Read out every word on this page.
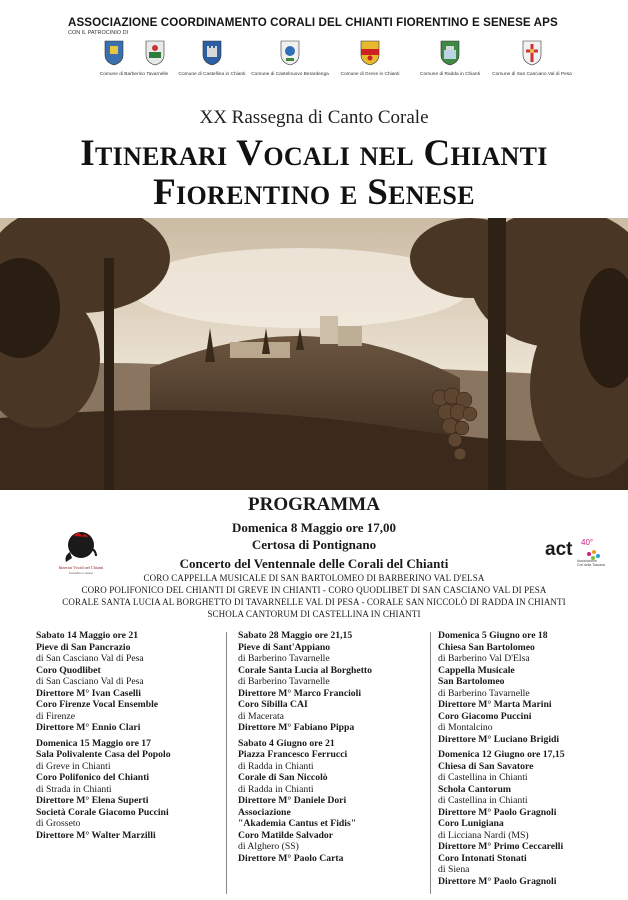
ASSOCIAZIONE COORDINAMENTO CORALI DEL CHIANTI FIORENTINO E SENESE APS
CON IL PATROCINIO DI
Comune di Barberino Tavarnelle	Comune di Castellina in Chianti	Comune di Castelnuovo Berardenga	Comune di Greve in Chianti	Comune di Radda in Chianti	Comune di San Casciano Val di Pesa
XX Rassegna di Canto Corale
Itinerari Vocali nel Chianti
Fiorentino e Senese
PROGRAMMA
Domenica 8 Maggio ore 17,00
Certosa di Pontignano
Concerto del Ventennale delle Corali del Chianti
CORO CAPPELLA MUSICALE DI SAN BARTOLOMEO DI BARBERINO VAL D'ELSA
CORO POLIFONICO DEL CHIANTI DI GREVE IN CHIANTI - CORO QUODLIBET DI SAN CASCIANO VAL DI PESA
CORALE SANTA LUCIA AL BORGHETTO DI TAVARNELLE VAL DI PESA - CORALE SAN NICCOLÒ DI RADDA IN CHIANTI
SCHOLA CANTORUM DI CASTELLINA IN CHIANTI
Itinerari Vocali nel Chianti
fiorentino e senese
act 40°
Associazione
Cori della Toscana
Sabato 14 Maggio ore 21
Pieve di San Pancrazio
di San Casciano Val di Pesa
Coro Quodlibet
di San Casciano Val di Pesa
Direttore M° Ivan Caselli
Coro Firenze Vocal Ensemble
di Firenze
Direttore M° Ennio Clari
Domenica 15 Maggio ore 17
Sala Polivalente Casa del Popolo
di Greve in Chianti
Coro Polifonico del Chianti
di Strada in Chianti
Direttore M° Elena Superti
Società Corale Giacomo Puccini
di Grosseto
Direttore M° Walter Marzilli
Sabato 28 Maggio ore 21,15
Pieve di Sant'Appiano
di Barberino Tavarnelle
Corale Santa Lucia al Borghetto
di Barberino Tavarnelle
Direttore M° Marco Francioli
Coro Sibilla CAI
di Macerata
Direttore M° Fabiano Pippa
Sabato 4 Giugno ore 21
Piazza Francesco Ferrucci
di Radda in Chianti
Corale di San Niccolò
di Radda in Chianti
Direttore M° Daniele Dori
Associazione
"Akademia Cantus et Fidis"
Coro Matilde Salvador
di Alghero (SS)
Direttore M° Paolo Carta
Domenica 5 Giugno ore 18
Chiesa San Bartolomeo
di Barberino Val D'Elsa
Cappella Musicale
San Bartolomeo
di Barberino Tavarnelle
Direttore M° Marta Marini
Coro Giacomo Puccini
di Montalcino
Direttore M° Luciano Brigidi
Domenica 12 Giugno ore 17,15
Chiesa di San Savatore
di Castellina in Chianti
Schola Cantorum
di Castellina in Chianti
Direttore M° Paolo Gragnoli
Coro Lunigiana
di Licciana Nardi (MS)
Direttore M° Primo Ceccarelli
Coro Intonati Stonati
di Siena
Direttore M° Paolo Gragnoli
